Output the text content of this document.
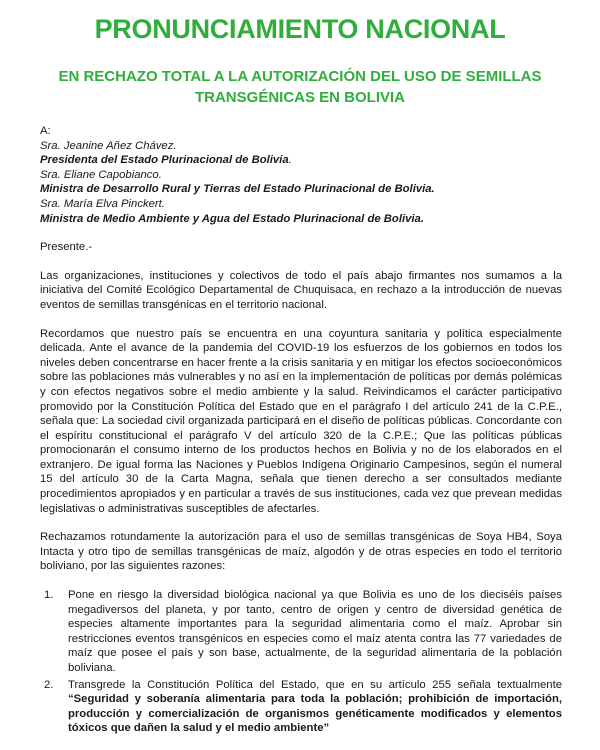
PRONUNCIAMIENTO NACIONAL
EN RECHAZO TOTAL A LA AUTORIZACIÓN DEL USO DE SEMILLAS TRANSGÉNICAS EN BOLIVIA

A:

Sra. Jeanine Añez Chávez.

Presidenta del Estado Plurinacional de Bolivia.

Sra. Eliane Capobianco.

Ministra de Desarrollo Rural y Tierras del Estado Plurinacional de Bolivia.

Sra. María Elva Pinckert.

Ministra de Medio Ambiente y Agua del Estado Plurinacional de Bolivia.

Presente.-

Las organizaciones, instituciones y colectivos de todo el país abajo firmantes nos sumamos a la iniciativa del Comité Ecológico Departamental de Chuquisaca, en rechazo a la introducción de nuevas eventos de semillas transgénicas en el territorio nacional.

Recordamos que nuestro país se encuentra en una coyuntura sanitaria y política especialmente delicada. Ante el avance de la pandemia del COVID-19 los esfuerzos de los gobiernos en todos los niveles deben concentrarse en hacer frente a la crisis sanitaria y en mitigar los efectos socioeconómicos sobre las poblaciones más vulnerables y no así en la implementación de políticas por demás polémicas y con efectos negativos sobre el medio ambiente y la salud. Reivindicamos el carácter participativo promovido por la Constitución Política del Estado que en el parágrafo I del artículo 241 de la C.P.E., señala que: La sociedad civil organizada participará en el diseño de políticas públicas. Concordante con el espíritu constitucional el parágrafo V del artículo 320 de la C.P.E.; Que las políticas públicas promocionarán el consumo interno de los productos hechos en Bolivia y no de los elaborados en el extranjero. De igual forma las Naciones y Pueblos Indígena Originario Campesinos, según el numeral 15 del artículo 30 de la Carta Magna, señala que tienen derecho a ser consultados mediante procedimientos apropiados y en particular a través de sus instituciones, cada vez que prevean medidas legislativas o administrativas susceptibles de afectarles.

Rechazamos rotundamente la autorización para el uso de semillas transgénicas de Soya HB4, Soya Intacta y otro tipo de semillas transgénicas de maíz, algodón y de otras especies en todo el territorio boliviano, por las siguientes razones:

1. Pone en riesgo la diversidad biológica nacional ya que Bolivia es uno de los dieciséis países megadiversos del planeta, y por tanto, centro de origen y centro de diversidad genética de especies altamente importantes para la seguridad alimentaria como el maíz. Aprobar sin restricciones eventos transgénicos en especies como el maíz atenta contra las 77 variedades de maíz que posee el país y son base, actualmente, de la seguridad alimentaria de la población boliviana.
2. Transgrede la Constitución Política del Estado, que en su artículo 255 señala textualmente “Seguridad y soberanía alimentaria para toda la población; prohibición de importación, producción y comercialización de organismos genéticamente modificados y elementos tóxicos que dañen la salud y el medio ambiente”
